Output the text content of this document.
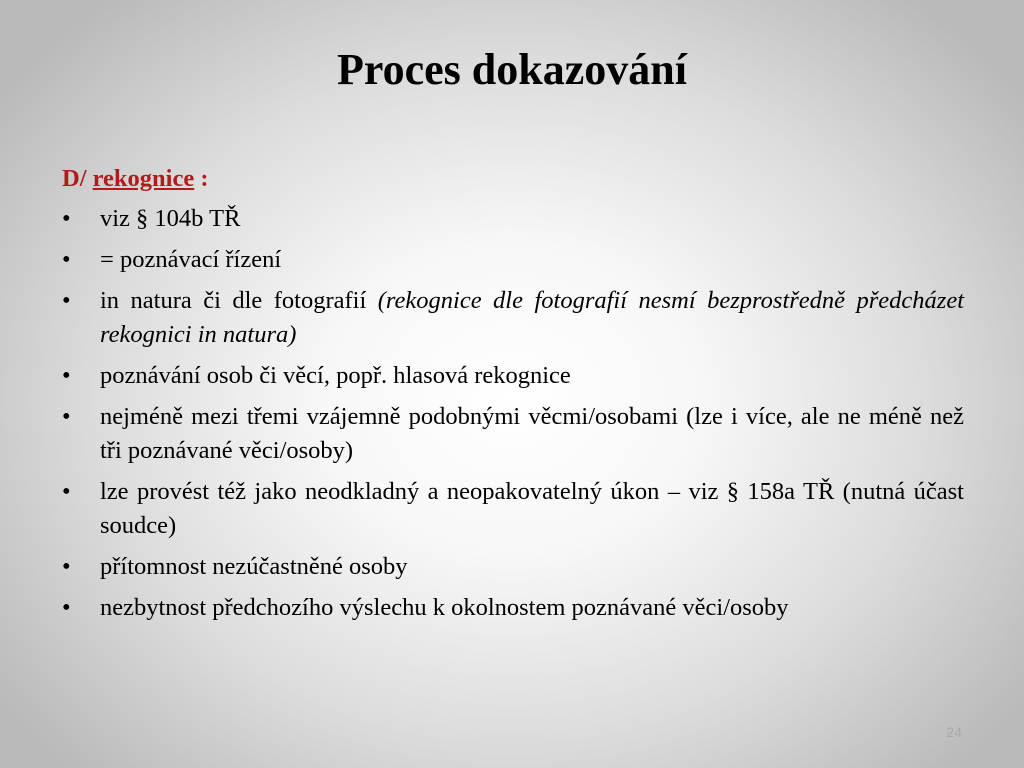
Proces dokazování
D/ rekognice :
•	viz § 104b TŘ
•	= poznávací řízení
•	in natura či dle fotografií (rekognice dle fotografií nesmí bezprostředně předcházet rekognici in natura)
•	poznávání osob či věcí, popř. hlasová rekognice
•	nejméně mezi třemi vzájemně podobnými věcmi/osobami (lze i více, ale ne méně než tři poznávané věci/osoby)
•	lze provést též jako neodkladný a neopakovatelný úkon – viz § 158a TŘ (nutná účast soudce)
•	přítomnost nezúčastněné osoby
•	nezbytnost předchozího výslechu k okolnostem poznávané věci/osoby
24
